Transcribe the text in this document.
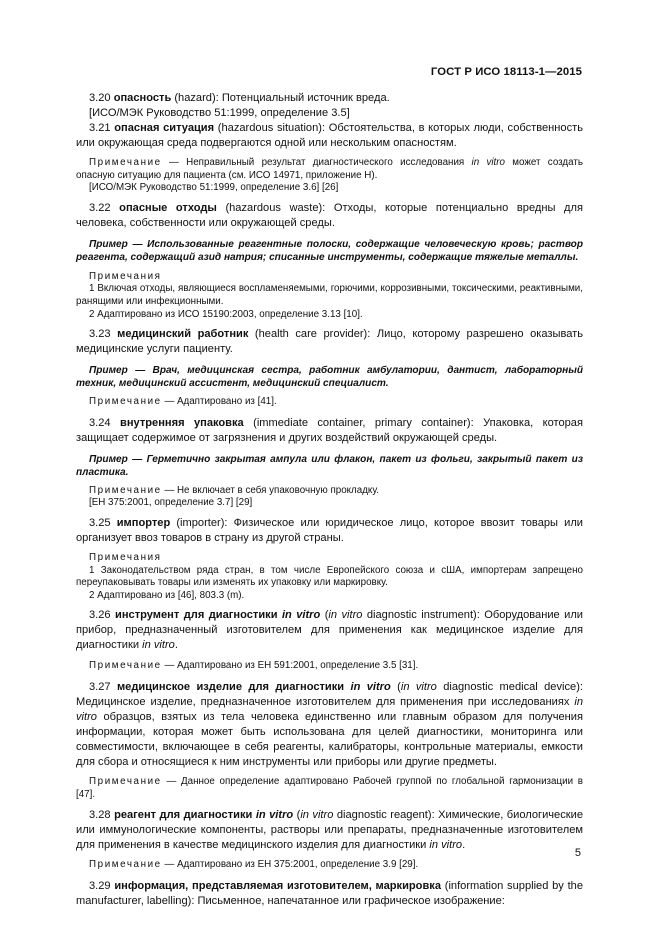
ГОСТ Р ИСО 18113-1—2015

3.20 опасность (hazard): Потенциальный источник вреда.

[ИСО/МЭК Руководство 51:1999, определение 3.5]

3.21 опасная ситуация (hazardous situation): Обстоятельства, в которых люди, собственность или окружающая среда подвергаются одной или нескольким опасностям.

Примечание — Неправильный результат диагностического исследования in vitro может создать опасную ситуацию для пациента (см. ИСО 14971, приложение Н).

[ИСО/МЭК Руководство 51:1999, определение 3.6] [26]

3.22 опасные отходы (hazardous waste): Отходы, которые потенциально вредны для человека, собственности или окружающей среды.

Пример — Использованные реагентные полоски, содержащие человеческую кровь; раствор реагента, содержащий азид натрия; списанные инструменты, содержащие тяжелые металлы.

Примечания

1 Включая отходы, являющиеся воспламеняемыми, горючими, коррозивными, токсическими, реактивными, ранящими или инфекционными.

2 Адаптировано из ИСО 15190:2003, определение 3.13 [10].

3.23 медицинский работник (health care provider): Лицо, которому разрешено оказывать медицинские услуги пациенту.

Пример — Врач, медицинская сестра, работник амбулатории, дантист, лабораторный техник, медицинский ассистент, медицинский специалист.

Примечание — Адаптировано из [41].

3.24 внутренняя упаковка (immediate container, primary container): Упаковка, которая защищает содержимое от загрязнения и других воздействий окружающей среды.

Пример — Герметично закрытая ампула или флакон, пакет из фольги, закрытый пакет из пластика.

Примечание — Не включает в себя упаковочную прокладку.

[ЕН 375:2001, определение 3.7] [29]

3.25 импортер (importer): Физическое или юридическое лицо, которое ввозит товары или организует ввоз товаров в страну из другой страны.

Примечания

1 Законодательством ряда стран, в том числе Европейского союза и сША, импортерам запрещено переупаковывать товары или изменять их упаковку или маркировку.

2 Адаптировано из [46], 803.3 (m).

3.26 инструмент для диагностики in vitro (in vitro diagnostic instrument): Оборудование или прибор, предназначенный изготовителем для применения как медицинское изделие для диагностики in vitro.

Примечание — Адаптировано из ЕН 591:2001, определение 3.5 [31].

3.27 медицинское изделие для диагностики in vitro (in vitro diagnostic medical device): Медицинское изделие, предназначенное изготовителем для применения при исследованиях in vitro образцов, взятых из тела человека единственно или главным образом для получения информации, которая может быть использована для целей диагностики, мониторинга или совместимости, включающее в себя реагенты, калибраторы, контрольные материалы, емкости для сбора и относящиеся к ним инструменты или приборы или другие предметы.

Примечание — Данное определение адаптировано Рабочей группой по глобальной гармонизации в [47].

3.28 реагент для диагностики in vitro (in vitro diagnostic reagent): Химические, биологические или иммунологические компоненты, растворы или препараты, предназначенные изготовителем для применения в качестве медицинского изделия для диагностики in vitro.

Примечание — Адаптировано из ЕН 375:2001, определение 3.9 [29].

3.29 информация, представляемая изготовителем, маркировка (information supplied by the manufacturer, labelling): Письменное, напечатанное или графическое изображение:

5
